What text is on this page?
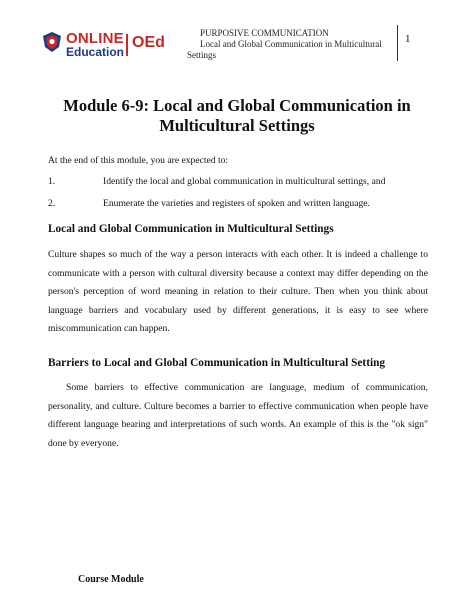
ONLINE
Education
OEd
PURPOSIVE COMMUNICATION
Local and Global Communication in Multicultural
Settings
1
Module 6-9: Local and Global Communication in Multicultural Settings
At the end of this module, you are expected to:
1.	Identify the local and global communication in multicultural settings, and
2.	Enumerate the varieties and registers of spoken and written language.
Local and Global Communication in Multicultural Settings
Culture shapes so much of the way a person interacts with each other. It is indeed a challenge to communicate with a person with cultural diversity because a context may differ depending on the person's perception of word meaning in relation to their culture. Then when you think about language barriers and vocabulary used by different generations, it is easy to see where miscommunication can happen.
Barriers to Local and Global Communication in Multicultural Setting
Some barriers to effective communication are language, medium of communication, personality, and culture. Culture becomes a barrier to effective communication when people have different language bearing and interpretations of such words. An example of this is the "ok sign" done by everyone.
Course Module
